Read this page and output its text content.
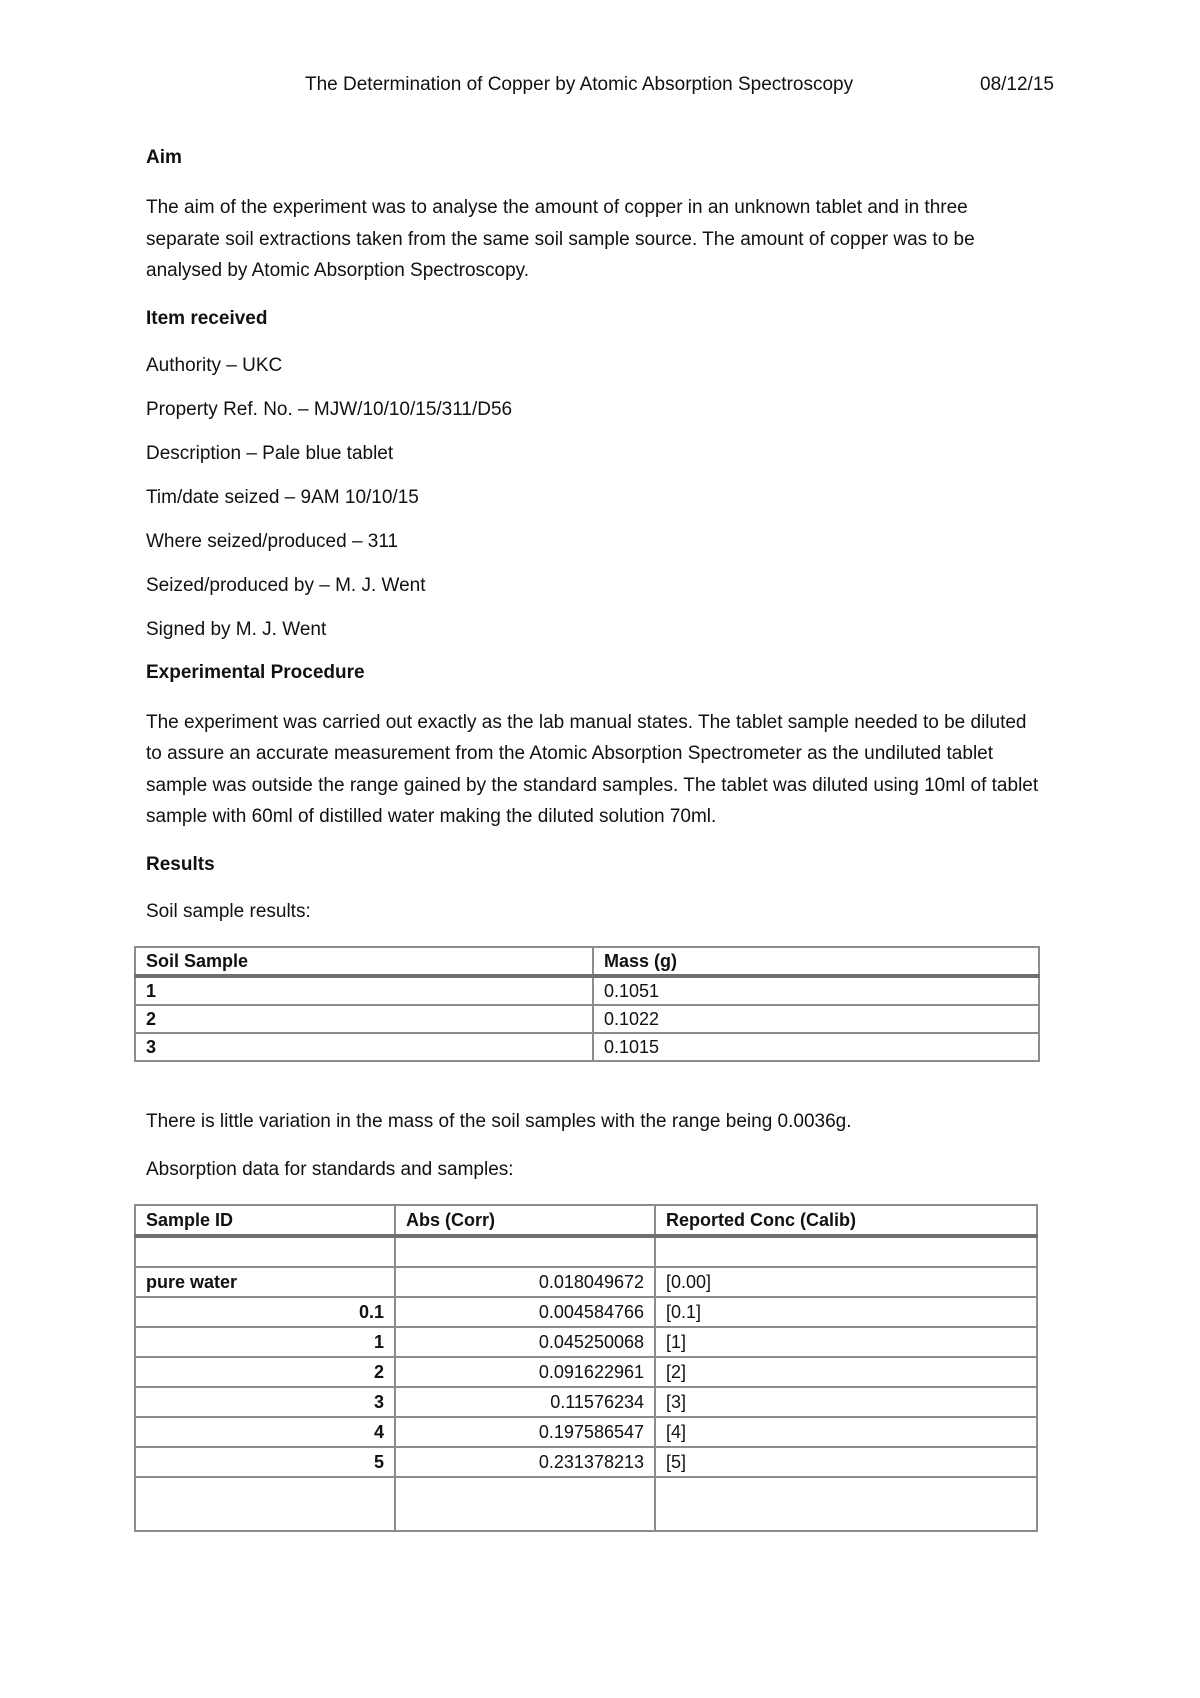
The Determination of Copper by Atomic Absorption Spectroscopy	08/12/15
Aim
The aim of the experiment was to analyse the amount of copper in an unknown tablet and in three separate soil extractions taken from the same soil sample source. The amount of copper was to be analysed by Atomic Absorption Spectroscopy.
Item received
Authority – UKC
Property Ref. No. – MJW/10/10/15/311/D56
Description – Pale blue tablet
Tim/date seized – 9AM 10/10/15
Where seized/produced – 311
Seized/produced by – M. J. Went
Signed by M. J. Went
Experimental Procedure
The experiment was carried out exactly as the lab manual states. The tablet sample needed to be diluted to assure an accurate measurement from the Atomic Absorption Spectrometer as the undiluted tablet sample was outside the range gained by the standard samples. The tablet was diluted using 10ml of tablet sample with 60ml of distilled water making the diluted solution 70ml.
Results
Soil sample results:
Soil Sample	Mass (g)
1	0.1051
2	0.1022
3	0.1015
There is little variation in the mass of the soil samples with the range being 0.0036g.
Absorption data for standards and samples:
Sample ID	Abs (Corr)	Reported Conc (Calib)

pure water	0.018049672	[0.00]
0.1	0.004584766	[0.1]
1	0.045250068	[1]
2	0.091622961	[2]
3	0.11576234	[3]
4	0.197586547	[4]
5	0.231378213	[5]
